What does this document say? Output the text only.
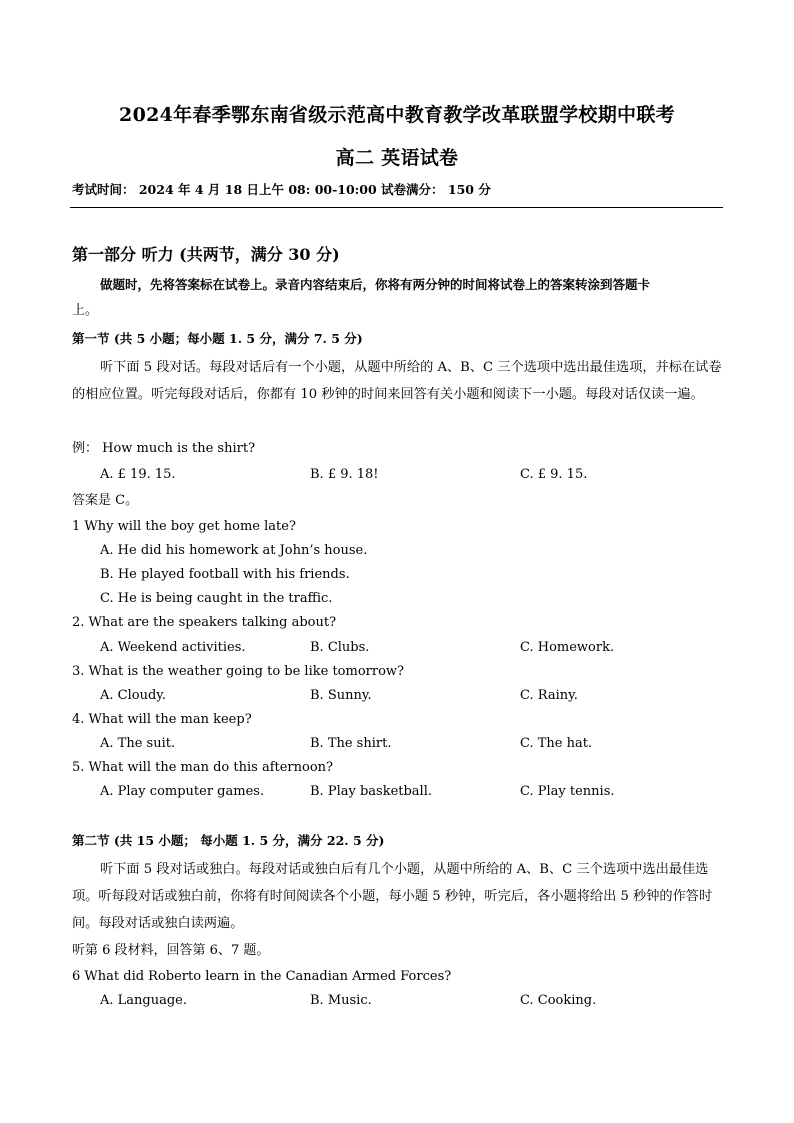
2024年春季鄂东南省级示范高中教育教学改革联盟学校期中联考
高二 英语试卷
考试时间： 2024 年 4 月 18 日上午 08: 00-10:00 试卷满分： 150 分
第一部分 听力 (共两节，满分 30 分)
做题时，先将答案标在试卷上。录音内容结束后，你将有两分钟的时间将试卷上的答案转涂到答题卡
上。
第一节 (共 5 小题；每小题 1. 5 分，满分 7. 5 分)

听下面 5 段对话。每段对话后有一个小题，从题中所给的 A、B、C 三个选项中选出最佳选项，并标在试卷的相应位置。听完每段对话后，你都有 10 秒钟的时间来回答有关小题和阅读下一小题。每段对话仅读一遍。

例： How much is the shirt?
A. £ 19. 15.	B. £ 9. 18!	C. £ 9. 15.
答案是 C。
1 Why will the boy get home late?
A. He did his homework at John’s house.
B. He played football with his friends.
C. He is being caught in the traffic.
2. What are the speakers talking about?
A. Weekend activities.	B. Clubs.	C. Homework.
3. What is the weather going to be like tomorrow?
A. Cloudy.	B. Sunny.	C. Rainy.
4. What will the man keep?
A. The suit.	B. The shirt.	C. The hat.
5. What will the man do this afternoon?
A. Play computer games.	B. Play basketball.	C. Play tennis.
第二节 (共 15 小题； 每小题 1. 5 分，满分 22. 5 分)

听下面 5 段对话或独白。每段对话或独白后有几个小题，从题中所给的 A、B、C 三个选项中选出最佳选项。听每段对话或独白前，你将有时间阅读各个小题，每小题 5 秒钟，听完后，各小题将给出 5 秒钟的作答时间。每段对话或独白读两遍。

听第 6 段材料，回答第 6、7 题。
6 What did Roberto learn in the Canadian Armed Forces?
A. Language.	B. Music.	C. Cooking.
